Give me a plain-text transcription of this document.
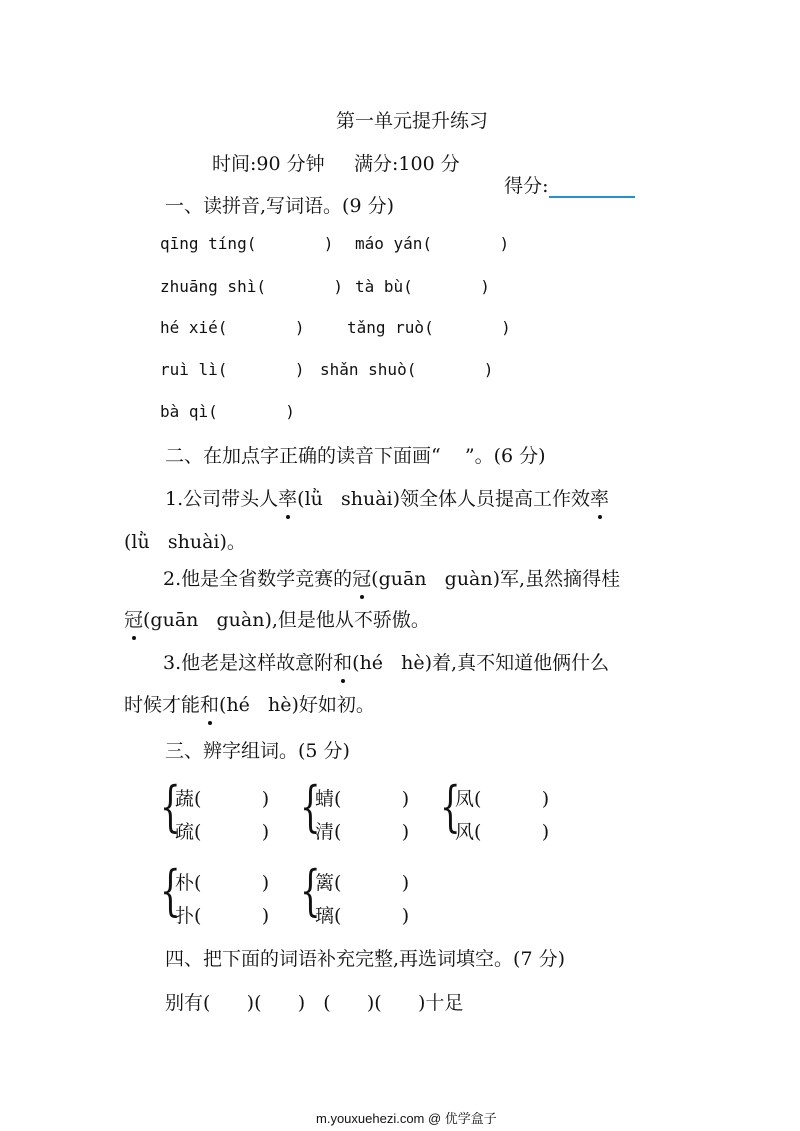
第一单元提升练习
时间:90 分钟 满分:100 分

得分:

一、读拼音,写词语。(9 分)
qīng tíng(       ) máo yán(       )
zhuāng shì(       ) tà bù(       )
hé xié(       )	tǎng ruò(       )
ruì lì(       ) shǎn shuò(       )
bà qì(       )
二、在加点字正确的读音下面画“    ”。(6 分)
1.公司带头人率(lǜ   shuài)领全体人员提高工作效率
(lǜ   shuài)。
2.他是全省数学竞赛的冠(guān   guàn)军,虽然摘得桂
冠(guān   guàn),但是他从不骄傲。
3.他老是这样故意附和(hé   hè)着,真不知道他俩什么
时候才能和(hé   hè)好如初。
三、辨字组词。(5 分)
{
蔬(          )
疏(          ) {
蜻(          )
清(          ) {
凤(          )
风(          )
{
朴(          )
扑(          ) {
篱(          )
璃(          )
四、把下面的词语补充完整,再选词填空。(7 分)
别有(      )(      )   (      )(      )十足
m.youxuehezi.com @ 优学盒子
